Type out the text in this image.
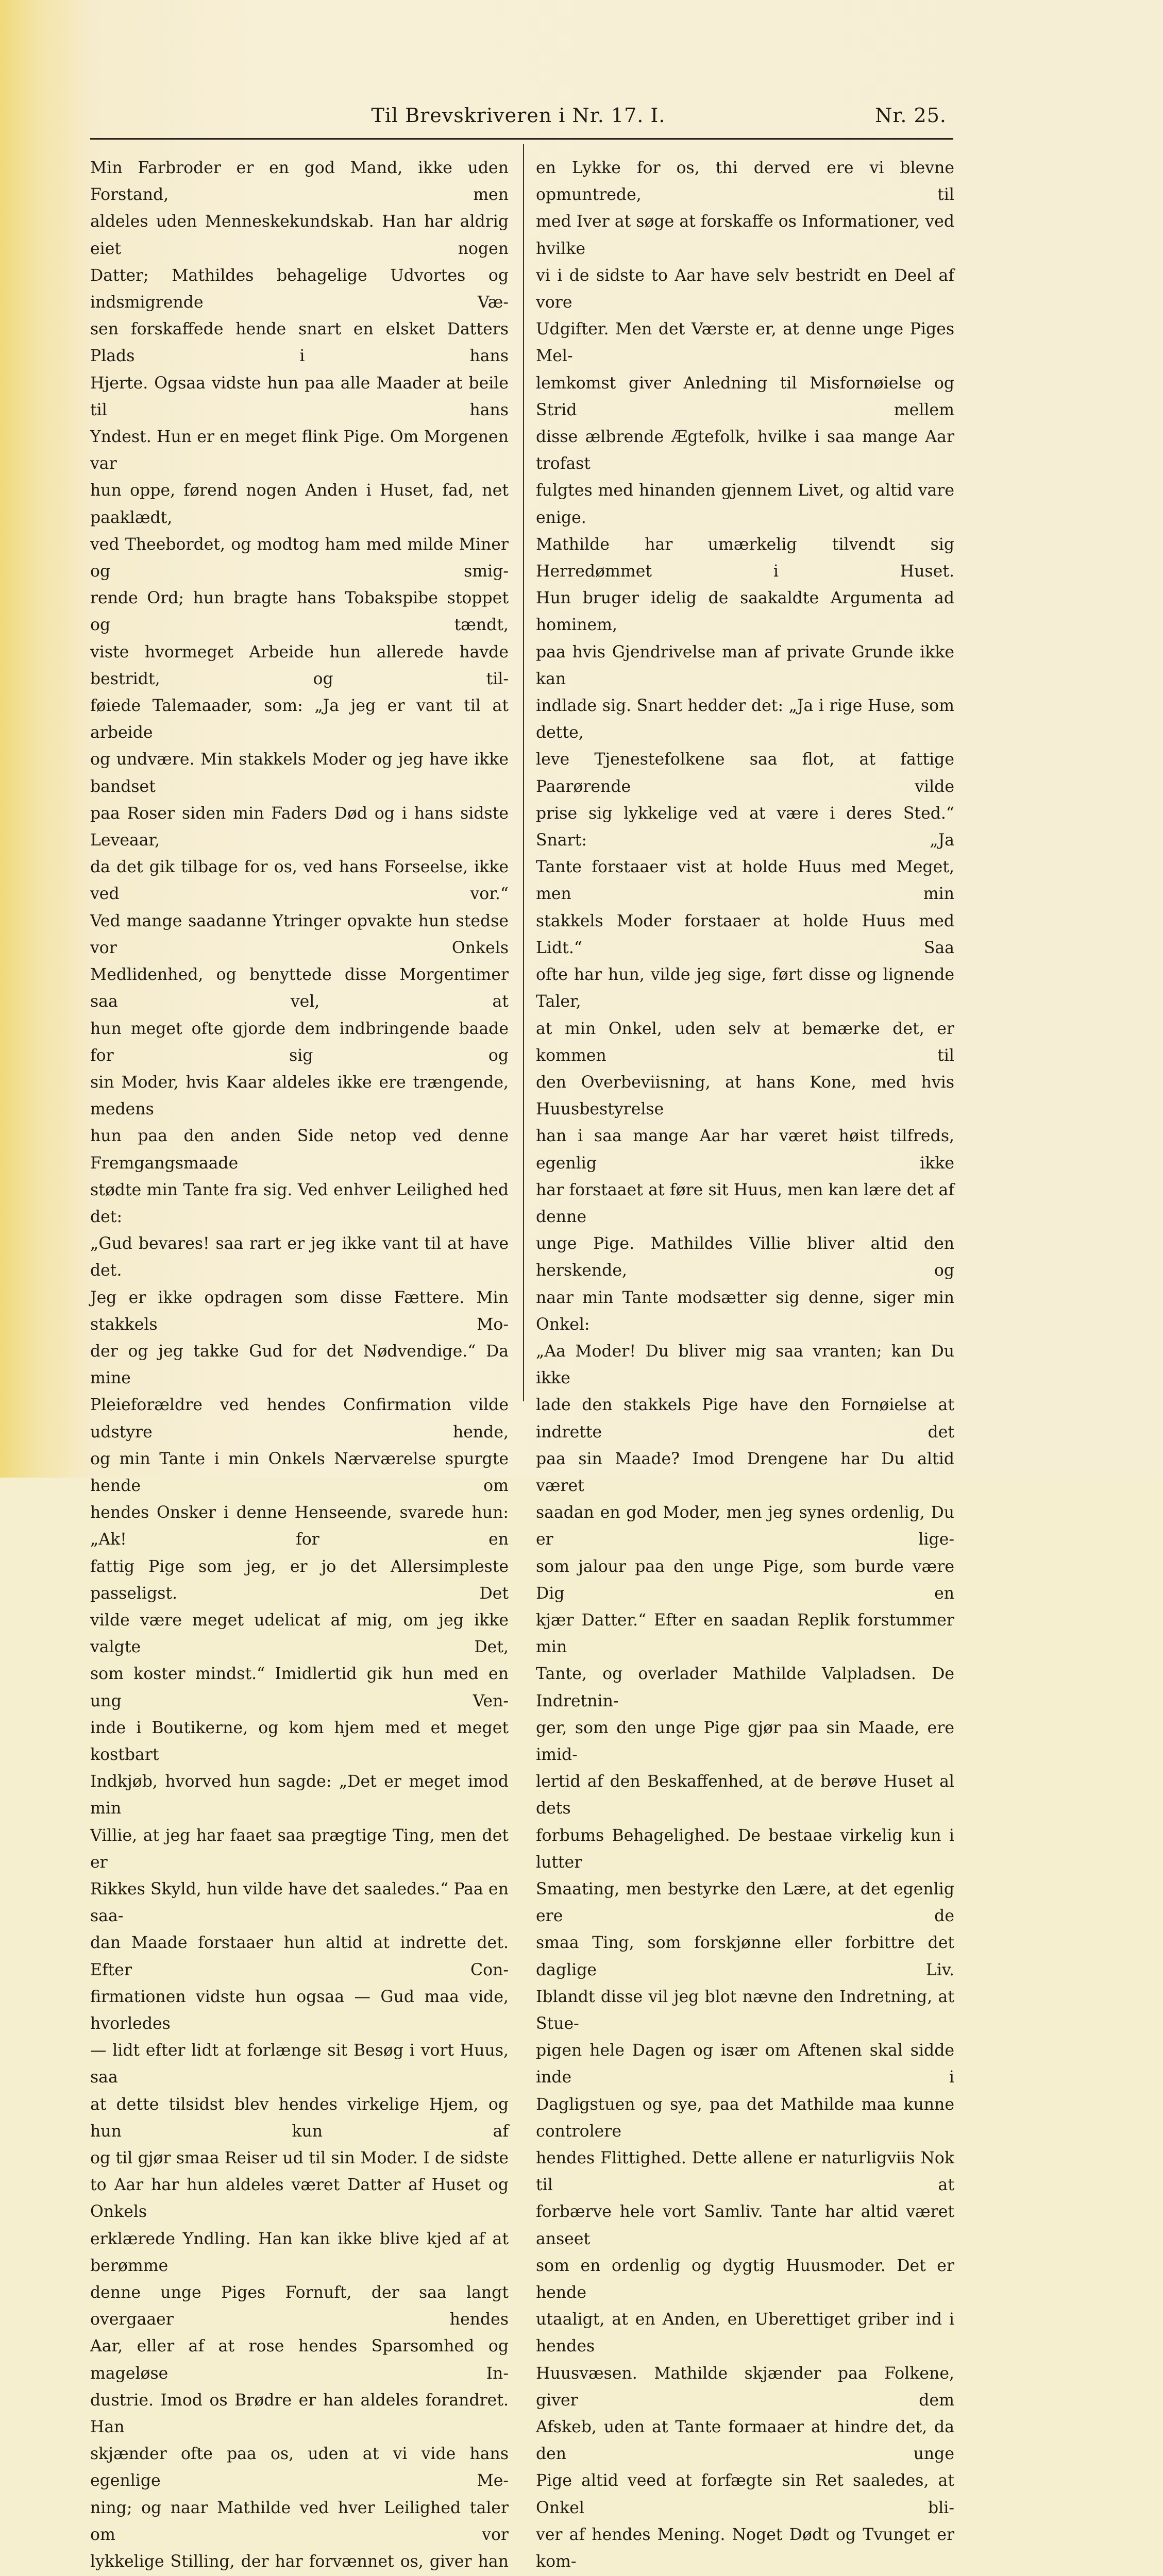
Til Brevskriveren i Nr. 17. I.	Nr. 25.

Min Farbroder er en god Mand, ikke uden Forstand, men

aldeles uden Menneskekundskab. Han har aldrig eiet nogen

Datter; Mathildes behagelige Udvortes og indsmigrende Væ-

sen forskaffede hende snart en elsket Datters Plads i hans

Hjerte. Ogsaa vidste hun paa alle Maader at beile til hans

Yndest. Hun er en meget flink Pige. Om Morgenen var

hun oppe, førend nogen Anden i Huset, fad, net paaklædt,

ved Theebordet, og modtog ham med milde Miner og smig-

rende Ord; hun bragte hans Tobakspibe stoppet og tændt,

viste hvormeget Arbeide hun allerede havde bestridt, og til-

føiede Talemaader, som: „Ja jeg er vant til at arbeide

og undvære. Min stakkels Moder og jeg have ikke bandset

paa Roser siden min Faders Død og i hans sidste Leveaar,

da det gik tilbage for os, ved hans Forseelse, ikke ved vor.“

Ved mange saadanne Ytringer opvakte hun stedse vor Onkels

Medlidenhed, og benyttede disse Morgentimer saa vel, at

hun meget ofte gjorde dem indbringende baade for sig og

sin Moder, hvis Kaar aldeles ikke ere trængende, medens

hun paa den anden Side netop ved denne Fremgangsmaade

stødte min Tante fra sig. Ved enhver Leilighed hed det:

„Gud bevares! saa rart er jeg ikke vant til at have det.

Jeg er ikke opdragen som disse Fættere. Min stakkels Mo-

der og jeg takke Gud for det Nødvendige.“ Da mine

Pleieforældre ved hendes Confirmation vilde udstyre hende,

og min Tante i min Onkels Nærværelse spurgte hende om

hendes Onsker i denne Henseende, svarede hun: „Ak! for en

fattig Pige som jeg, er jo det Allersimpleste passeligst. Det

vilde være meget udelicat af mig, om jeg ikke valgte Det,

som koster mindst.“ Imidlertid gik hun med en ung Ven-

inde i Boutikerne, og kom hjem med et meget kostbart

Indkjøb, hvorved hun sagde: „Det er meget imod min

Villie, at jeg har faaet saa prægtige Ting, men det er

Rikkes Skyld, hun vilde have det saaledes.“ Paa en saa-

dan Maade forstaaer hun altid at indrette det. Efter Con-

firmationen vidste hun ogsaa — Gud maa vide, hvorledes

— lidt efter lidt at forlænge sit Besøg i vort Huus, saa

at dette tilsidst blev hendes virkelige Hjem, og hun kun af

og til gjør smaa Reiser ud til sin Moder. I de sidste

to Aar har hun aldeles været Datter af Huset og Onkels

erklærede Yndling. Han kan ikke blive kjed af at berømme

denne unge Piges Fornuft, der saa langt overgaaer hendes

Aar, eller af at rose hendes Sparsomhed og mageløse In-

dustrie. Imod os Brødre er han aldeles forandret. Han

skjænder ofte paa os, uden at vi vide hans egenlige Me-

ning; og naar Mathilde ved hver Leilighed taler om vor

lykkelige Stilling, der har forvænnet os, giver han

en Lykke for os, thi derved ere vi blevne opmuntrede, til

med Iver at søge at forskaffe os Informationer, ved hvilke

vi i de sidste to Aar have selv bestridt en Deel af vore

Udgifter. Men det Værste er, at denne unge Piges Mel-

lemkomst giver Anledning til Misfornøielse og Strid mellem

disse ælbrende Ægtefolk, hvilke i saa mange Aar trofast

fulgtes med hinanden gjennem Livet, og altid vare enige.

Mathilde har umærkelig tilvendt sig Herredømmet i Huset.

Hun bruger idelig de saakaldte Argumenta ad hominem,

paa hvis Gjendrivelse man af private Grunde ikke kan

indlade sig. Snart hedder det: „Ja i rige Huse, som dette,

leve Tjenestefolkene saa flot, at fattige Paarørende vilde

prise sig lykkelige ved at være i deres Sted.“ Snart: „Ja

Tante forstaaer vist at holde Huus med Meget, men min

stakkels Moder forstaaer at holde Huus med Lidt.“ Saa

ofte har hun, vilde jeg sige, ført disse og lignende Taler,

at min Onkel, uden selv at bemærke det, er kommen til

den Overbeviisning, at hans Kone, med hvis Huusbestyrelse

han i saa mange Aar har været høist tilfreds, egenlig ikke

har forstaaet at føre sit Huus, men kan lære det af denne

unge Pige. Mathildes Villie bliver altid den herskende, og

naar min Tante modsætter sig denne, siger min Onkel:

„Aa Moder! Du bliver mig saa vranten; kan Du ikke

lade den stakkels Pige have den Fornøielse at indrette det

paa sin Maade? Imod Drengene har Du altid været

saadan en god Moder, men jeg synes ordenlig, Du er lige-

som jalour paa den unge Pige, som burde være Dig en

kjær Datter.“ Efter en saadan Replik forstummer min

Tante, og overlader Mathilde Valpladsen. De Indretnin-

ger, som den unge Pige gjør paa sin Maade, ere imid-

lertid af den Beskaffenhed, at de berøve Huset al dets

forbums Behagelighed. De bestaae virkelig kun i lutter

Smaating, men bestyrke den Lære, at det egenlig ere de

smaa Ting, som forskjønne eller forbittre det daglige Liv.

Iblandt disse vil jeg blot nævne den Indretning, at Stue-

pigen hele Dagen og især om Aftenen skal sidde inde i

Dagligstuen og sye, paa det Mathilde maa kunne controlere

hendes Flittighed. Dette allene er naturligviis Nok til at

forbærve hele vort Samliv. Tante har altid været anseet

som en ordenlig og dygtig Huusmoder. Det er hende

utaaligt, at en Anden, en Uberettiget griber ind i hendes

Huusvæsen. Mathilde skjænder paa Folkene, giver dem

Afskeb, uden at Tante formaaer at hindre det, da den unge

Pige altid veed at forfægte sin Ret saaledes, at Onkel bli-

ver af hendes Mening. Noget Dødt og Tvunget er kom-
